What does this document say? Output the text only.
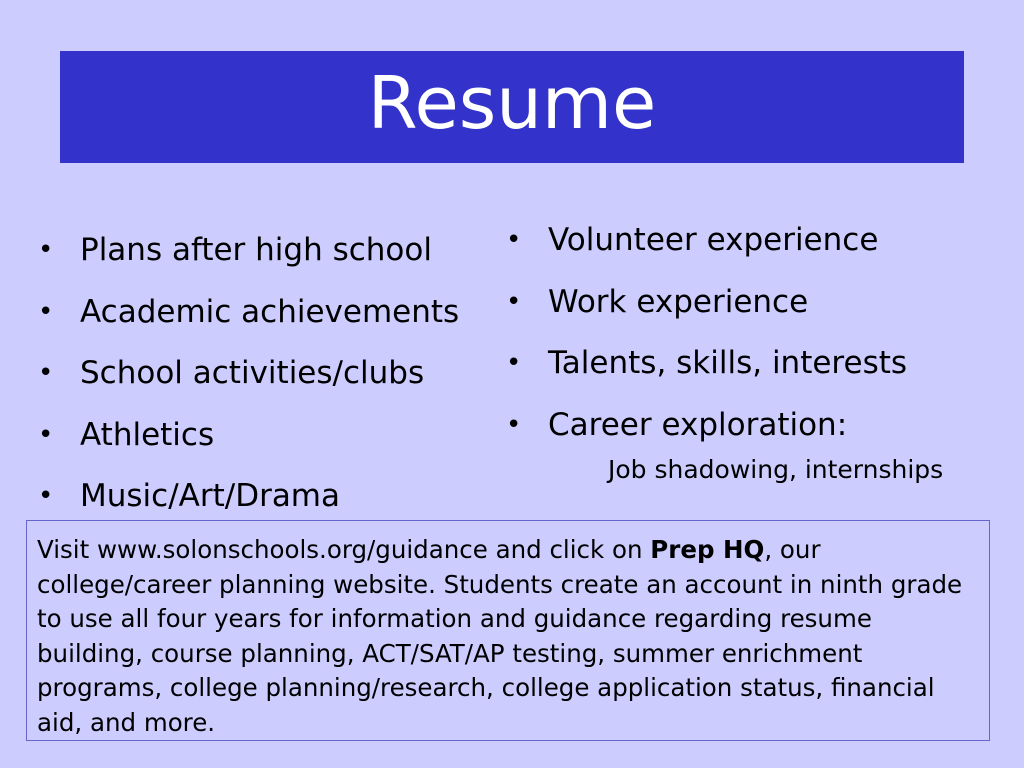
Resume
• Plans after high school
• Academic achievements
• School activities/clubs
• Athletics
• Music/Art/Drama
• Volunteer experience
• Work experience
• Talents, skills, interests
• Career exploration:
Job shadowing, internships
Visit www.solonschools.org/guidance and click on Prep HQ, our college/career planning website. Students create an account in ninth grade to use all four years for information and guidance regarding resume building, course planning, ACT/SAT/AP testing, summer enrichment programs, college planning/research, college application status, financial aid, and more.
